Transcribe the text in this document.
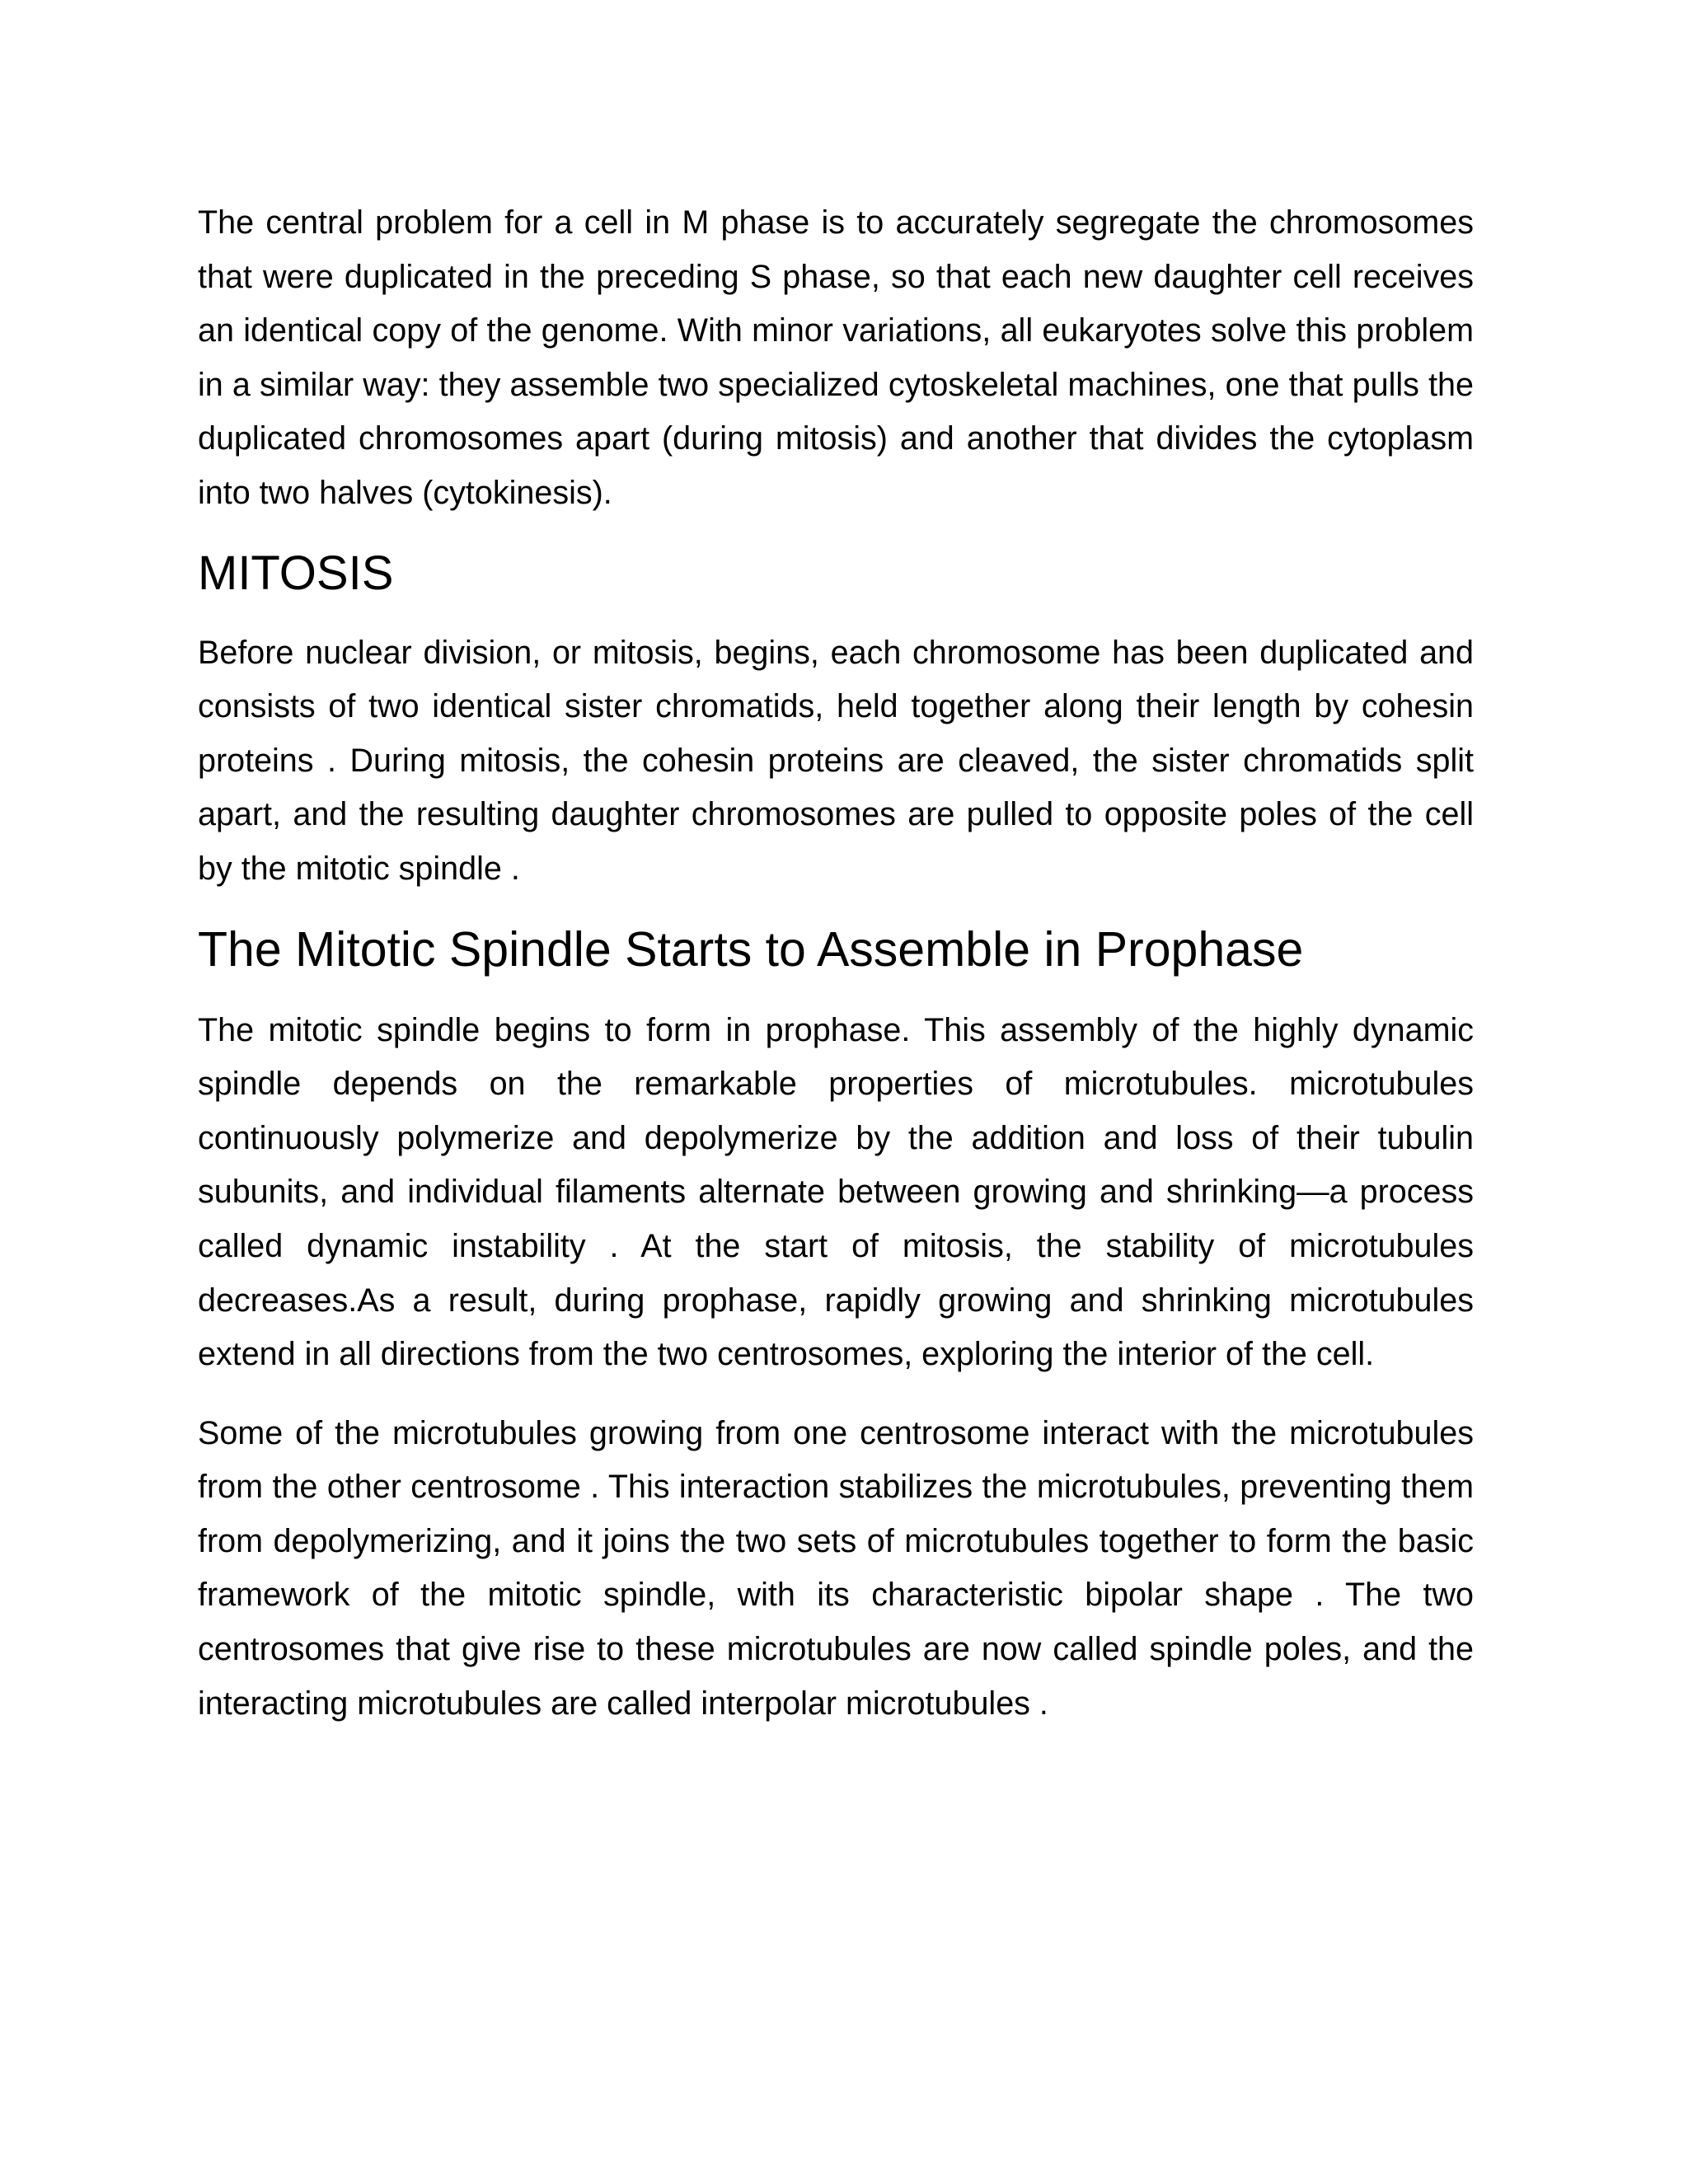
The central problem for a cell in M phase is to accurately segregate the chromosomes that were duplicated in the preceding S phase, so that each new daughter cell receives an identical copy of the genome. With minor variations, all eukaryotes solve this problem in a similar way: they assemble two specialized cytoskeletal machines, one that pulls the duplicated chromosomes apart (during mitosis) and another that divides the cytoplasm into two halves (cytokinesis).

MITOSIS

Before nuclear division, or mitosis, begins, each chromosome has been duplicated and consists of two identical sister chromatids, held together along their length by cohesin proteins . During mitosis, the cohesin proteins are cleaved, the sister chromatids split apart, and the resulting daughter chromosomes are pulled to opposite poles of the cell by the mitotic spindle .

The Mitotic Spindle Starts to Assemble in Prophase

The mitotic spindle begins to form in prophase. This assembly of the highly dynamic spindle depends on the remarkable properties of microtubules. microtubules continuously polymerize and depolymerize by the addition and loss of their tubulin subunits, and individual filaments alternate between growing and shrinking—a process called dynamic instability . At the start of mitosis, the stability of microtubules decreases.As a result, during prophase, rapidly growing and shrinking microtubules extend in all directions from the two centrosomes, exploring the interior of the cell.

Some of the microtubules growing from one centrosome interact with the microtubules from the other centrosome . This interaction stabilizes the microtubules, preventing them from depolymerizing, and it joins the two sets of microtubules together to form the basic framework of the mitotic spindle, with its characteristic bipolar shape . The two centrosomes that give rise to these microtubules are now called spindle poles, and the interacting microtubules are called interpolar microtubules .
